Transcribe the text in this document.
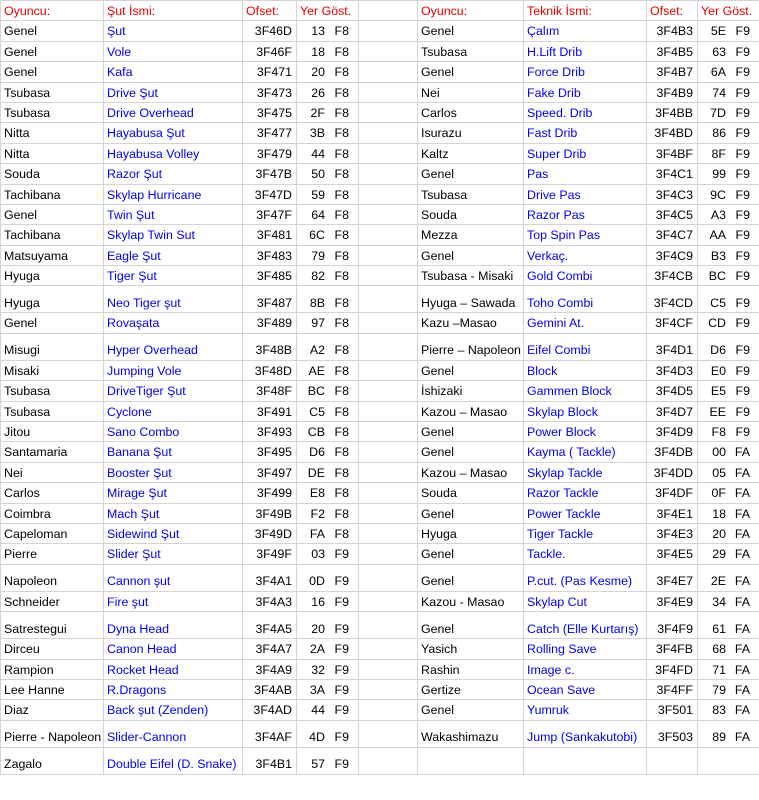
Oyuncu:	Şut İsmi:	Ofset:	Yer Göst.		Oyuncu:	Teknik İsmi:	Ofset:	Yer Göst.
Genel	Şut	3F46D	13 F8		Genel	Çalım	3F4B3	5E F9
Genel	Vole	3F46F	18 F8		Tsubasa	H.Lift Drib	3F4B5	63 F9
Genel	Kafa	3F471	20 F8		Genel	Force Drib	3F4B7	6A F9
Tsubasa	Drive Şut	3F473	26 F8		Nei	Fake Drib	3F4B9	74 F9
Tsubasa	Drive Overhead	3F475	2F F8		Carlos	Speed. Drib	3F4BB	7D F9
Nitta	Hayabusa Şut	3F477	3B F8		Isurazu	Fast Drib	3F4BD	86 F9
Nitta	Hayabusa Volley	3F479	44 F8		Kaltz	Super Drib	3F4BF	8F F9
Souda	Razor Şut	3F47B	50 F8		Genel	Pas	3F4C1	99 F9
Tachibana	Skylap Hurricane	3F47D	59 F8		Tsubasa	Drive Pas	3F4C3	9C F9
Genel	Twin Şut	3F47F	64 F8		Souda	Razor Pas	3F4C5	A3 F9
Tachibana	Skylap Twin Sut	3F481	6C F8		Mezza	Top Spin Pas	3F4C7	AA F9
Matsuyama	Eagle Şut	3F483	79 F8		Genel	Verkaç.	3F4C9	B3 F9
Hyuga	Tiger Şut	3F485	82 F8		Tsubasa - Misaki	Gold Combi	3F4CB	BC F9
Hyuga	Neo Tiger şut	3F487	8B F8		Hyuga – Sawada	Toho Combi	3F4CD	C5 F9
Genel	Rovaşata	3F489	97 F8		Kazu –Masao	Gemini At.	3F4CF	CD F9
Misugi	Hyper Overhead	3F48B	A2 F8		Pierre – Napoleon	Eifel Combi	3F4D1	D6 F9
Misaki	Jumping Vole	3F48D	AE F8		Genel	Block	3F4D3	E0 F9
Tsubasa	DriveTiger Şut	3F48F	BC F8		İshizaki	Gammen Block	3F4D5	E5 F9
Tsubasa	Cyclone	3F491	C5 F8		Kazou – Masao	Skylap Block	3F4D7	EE F9
Jitou	Sano Combo	3F493	CB F8		Genel	Power Block	3F4D9	F8 F9
Santamaria	Banana Şut	3F495	D6 F8		Genel	Kayma ( Tackle)	3F4DB	00 FA
Nei	Booster Şut	3F497	DE F8		Kazou – Masao	Skylap Tackle	3F4DD	05 FA
Carlos	Mirage Şut	3F499	E8 F8		Souda	Razor Tackle	3F4DF	0F FA
Coimbra	Mach Şut	3F49B	F2 F8		Genel	Power Tackle	3F4E1	18 FA
Capeloman	Sidewind Şut	3F49D	FA F8		Hyuga	Tiger Tackle	3F4E3	20 FA
Pierre	Slider Şut	3F49F	03 F9		Genel	Tackle.	3F4E5	29 FA
Napoleon	Cannon şut	3F4A1	0D F9		Genel	P.cut. (Pas Kesme)	3F4E7	2E FA
Schneider	Fire şut	3F4A3	16 F9		Kazou - Masao	Skylap Cut	3F4E9	34 FA
Satrestegui	Dyna Head	3F4A5	20 F9		Genel	Catch (Elle Kurtarış)	3F4F9	61 FA
Dirceu	Canon Head	3F4A7	2A F9		Yasich	Rolling Save	3F4FB	68 FA
Rampion	Rocket Head	3F4A9	32 F9		Rashin	Image c.	3F4FD	71 FA
Lee Hanne	R.Dragons	3F4AB	3A F9		Gertize	Ocean Save	3F4FF	79 FA
Diaz	Back şut (Zenden)	3F4AD	44 F9		Genel	Yumruk	3F501	83 FA
Pierre - Napoleon	Slider-Cannon	3F4AF	4D F9		Wakashimazu	Jump (Sankakutobi)	3F503	89 FA
Zagalo	Double Eifel (D. Snake)	3F4B1	57 F9					
